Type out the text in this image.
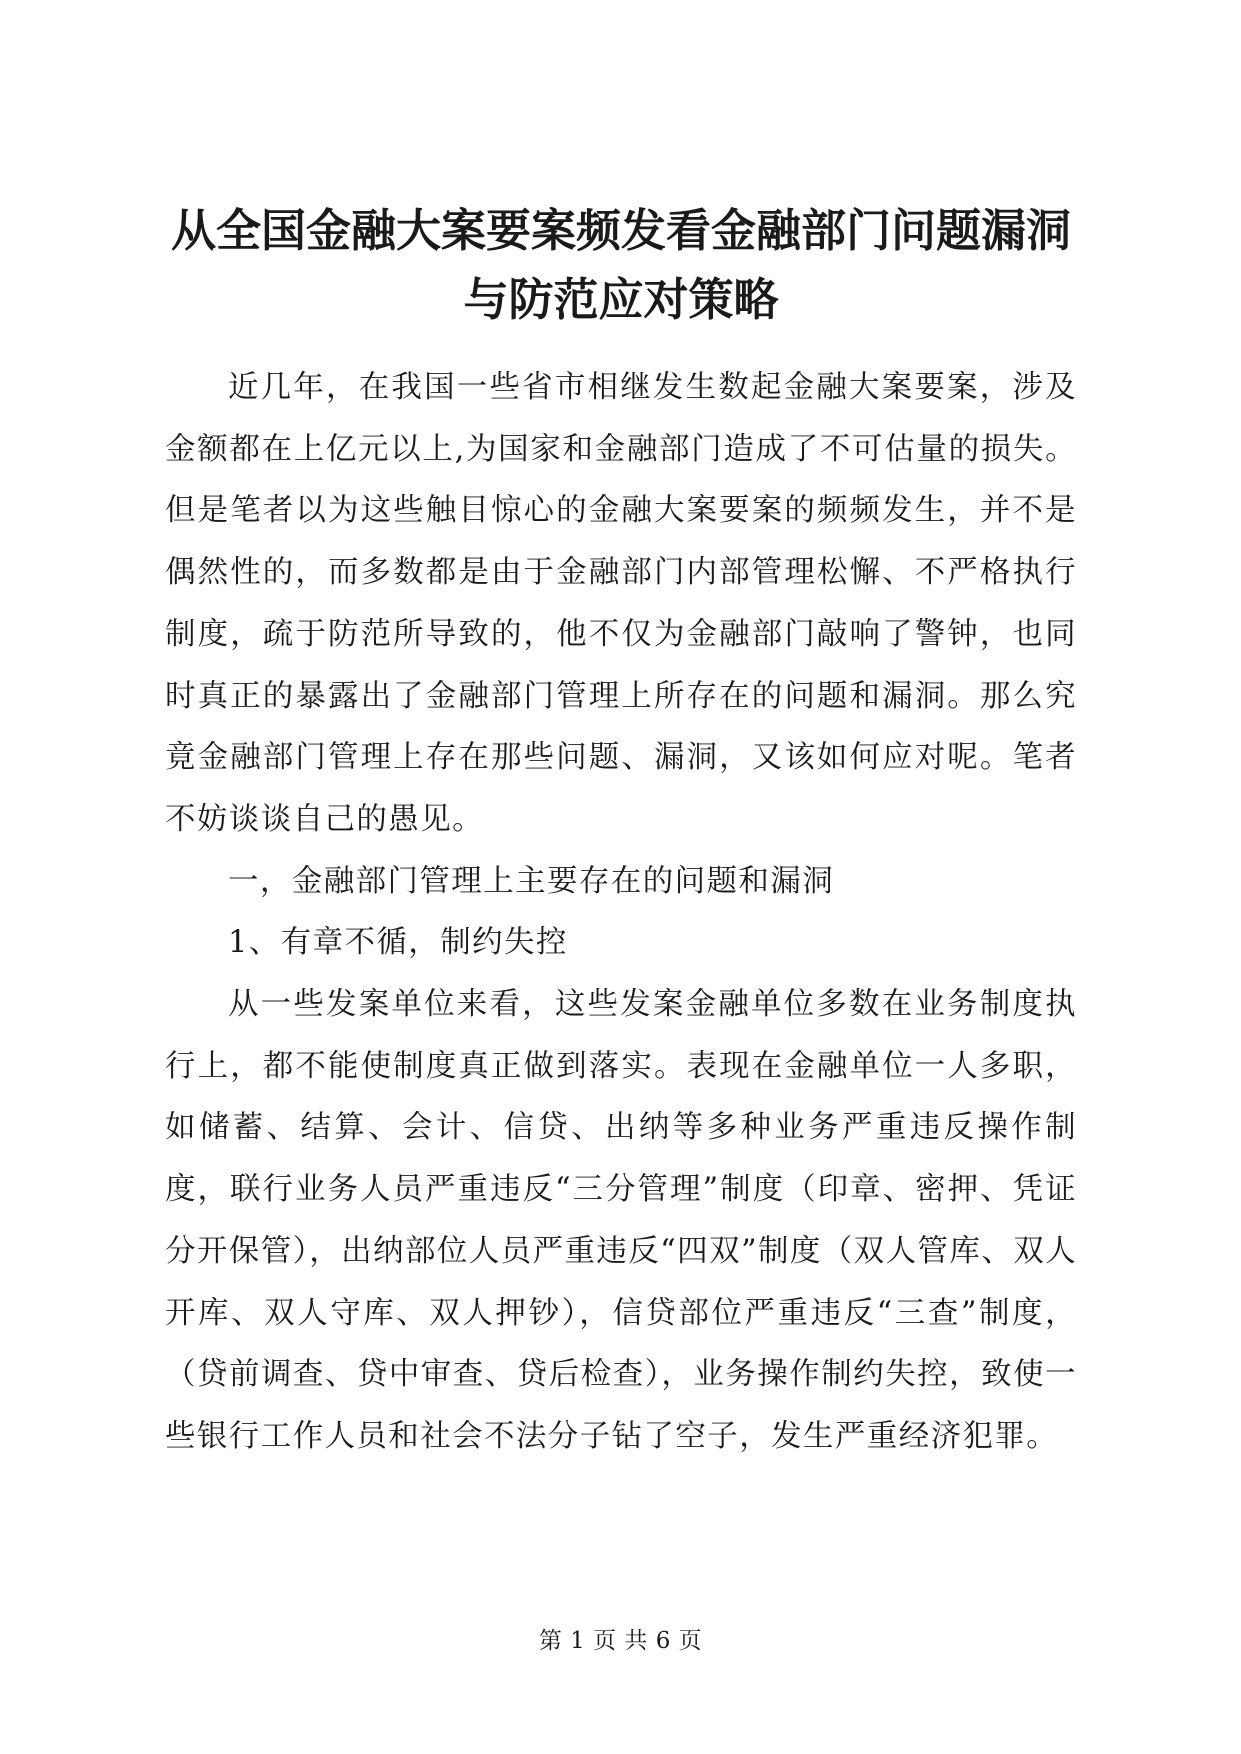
从全国金融大案要案频发看金融部门问题漏洞与防范应对策略

近几年，在我国一些省市相继发生数起金融大案要案，涉及金额都在上亿元以上,为国家和金融部门造成了不可估量的损失。但是笔者以为这些触目惊心的金融大案要案的频频发生，并不是偶然性的，而多数都是由于金融部门内部管理松懈、不严格执行制度，疏于防范所导致的，他不仅为金融部门敲响了警钟，也同时真正的暴露出了金融部门管理上所存在的问题和漏洞。那么究竟金融部门管理上存在那些问题、漏洞，又该如何应对呢。笔者不妨谈谈自己的愚见。

一，金融部门管理上主要存在的问题和漏洞

1、有章不循，制约失控

从一些发案单位来看，这些发案金融单位多数在业务制度执行上，都不能使制度真正做到落实。表现在金融单位一人多职，如储蓄、结算、会计、信贷、出纳等多种业务严重违反操作制度，联行业务人员严重违反“三分管理”制度（印章、密押、凭证分开保管），出纳部位人员严重违反“四双”制度（双人管库、双人开库、双人守库、双人押钞），信贷部位严重违反“三查”制度，（贷前调查、贷中审查、贷后检查），业务操作制约失控，致使一些银行工作人员和社会不法分子钻了空子，发生严重经济犯罪。

第 1 页 共 6 页
